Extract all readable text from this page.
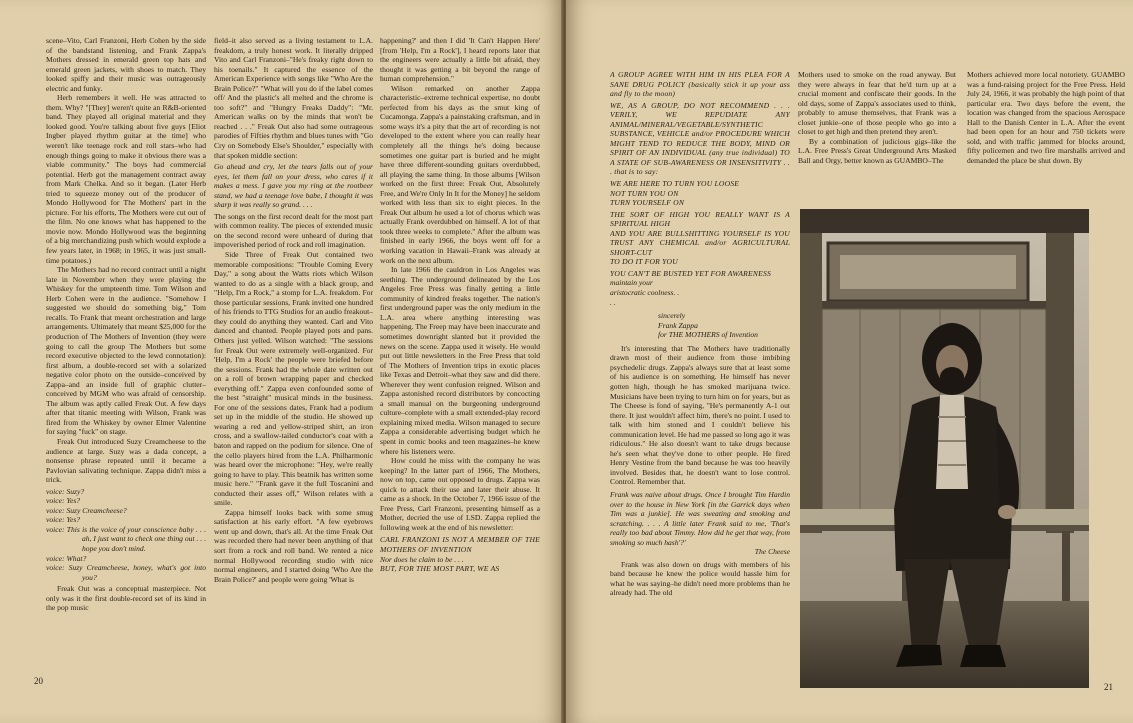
scene–Vito, Carl Franzoni, Herb Cohen by the side of the bandstand listening, and Frank Zappa's Mothers dressed in emerald green top hats and emerald green jackets, with shoes to match. They looked spiffy and their music was outrageously electric and funky.

Herb remembers it well. He was attracted to them. Why? "[They] weren't quite an R&B-oriented band. They played all original material and they looked good. You're talking about five guys [Eliot Ingber played rhythm guitar at the time] who weren't like teenage rock and roll stars–who had enough things going to make it obvious there was a viable community." The boys had commercial potential. Herb got the management contract away from Mark Chelka. And so it began. (Later Herb tried to squeeze money out of the producer of Mondo Hollywood for The Mothers' part in the picture. For his efforts, The Mothers were cut out of the film. No one knows what has happened to the movie now. Mondo Hollywood was the beginning of a big merchandizing push which would explode a few years later, in 1968; in 1965, it was just small-time potatoes.)

The Mothers had no record contract until a night late in November when they were playing the Whiskey for the umpteenth time. Tom Wilson and Herb Cohen were in the audience. "Somehow I suggested we should do something big," Tom recalls. To Frank that meant orchestration and large arrangements. Ultimately that meant $25,000 for the production of The Mothers of Invention (they were going to call the group The Mothers but some record executive objected to the lewd connotation): first album, a double-record set with a solarized negative color photo on the outside–conceived by Zappa–and an inside full of graphic clutter–conceived by MGM who was afraid of censorship. The album was aptly called Freak Out. A few days after that titanic meeting with Wilson, Frank was fired from the Whiskey by owner Elmer Valentine for saying "fuck" on stage.

Freak Out introduced Suzy Creamcheese to the audience at large. Suzy was a dada concept, a nonsense phrase repeated until it became a Pavlovian salivating technique. Zappa didn't miss a trick.

voice: Suzy?

voice: Yes?

voice: Suzy Creamcheese?

voice: Yes?

voice: This is the voice of your conscience baby . . . ah, I just want to check one thing out . . . hope you don't mind.

voice: What?

voice: Suzy Creamcheese, honey, what's got into you?

Freak Out was a conceptual masterpiece. Not only was it the first double-record set of its kind in the pop music

field–it also served as a living testament to L.A. freakdom, a truly honest work. It literally dripped Vito and Carl Franzoni–"He's freaky right down to his toenails." It captured the essence of the American Experience with songs like "Who Are the Brain Police?" "What will you do if the label comes off/ And the plastic's all melted and the chrome is too soft?" and "Hungry Freaks Daddy": "Mr. American walks on by the minds that won't be reached . . ." Freak Out also had some outrageous parodies of Fifties rhythm and blues tunes with "Go Cry on Somebody Else's Shoulder," especially with that spoken middle section:

Go ahead and cry, let the tears falls out of your eyes, let them fall on your dress, who cares if it makes a mess. I gave you my ring at the rootbeer stand, we had a teenage love babe, I thought it was sharp it was really so grand. . . .

The songs on the first record dealt for the most part with common reality. The pieces of extended music on the second record were unheard of during that impoverished period of rock and roll imagination.

Side Three of Freak Out contained two memorable compositions: "Trouble Coming Every Day," a song about the Watts riots which Wilson wanted to do as a single with a black group, and "Help, I'm a Rock," a stomp for L.A. freakdom. For those particular sessions, Frank invited one hundred of his friends to TTG Studios for an audio freakout–they could do anything they wanted. Carl and Vito danced and chanted. People played pots and pans. Others just yelled. Wilson watched: "The sessions for Freak Out were extremely well-organized. For 'Help, I'm a Rock' the people were briefed before the sessions. Frank had the whole date written out on a roll of brown wrapping paper and checked everything off." Zappa even confounded some of the best "straight" musical minds in the business. For one of the sessions dates, Frank had a podium set up in the middle of the studio. He showed up wearing a red and yellow-striped shirt, an iron cross, and a swallow-tailed conductor's coat with a baton and rapped on the podium for silence. One of the cello players hired from the L.A. Philharmonic was heard over the microphone: "Hey, we're really going to have to play. This beatnik has written some music here." "Frank gave it the full Toscanini and conducted their asses off," Wilson relates with a smile.

Zappa himself looks back with some smug satisfaction at his early effort. "A few eyebrows went up and down, that's all. At the time Freak Out was recorded there had never been anything of that sort from a rock and roll band. We rented a nice normal Hollywood recording studio with nice normal engineers, and I started doing 'Who Are the Brain Police?' and people were going 'What is

happening?' and then I did 'It Can't Happen Here' [from 'Help, I'm a Rock'], I heard reports later that the engineers were actually a little bit afraid, they thought it was getting a bit beyond the range of human comprehension."

Wilson remarked on another Zappa characteristic–extreme technical expertise, no doubt perfected from his days as the smut king of Cucamonga. Zappa's a painstaking craftsman, and in some ways it's a pity that the art of recording is not developed to the extent where you can really hear completely all the things he's doing because sometimes one guitar part is buried and he might have three different-sounding guitars overdubbed, all playing the same thing. In those albums [Wilson worked on the first three: Freak Out, Absolutely Free, and We're Only In It for the Money] he seldom worked with less than six to eight pieces. In the Freak Out album he used a lot of chorus which was actually Frank overdubbed on himself. A lot of that took three weeks to complete." After the album was finished in early 1966, the boys went off for a working vacation in Hawaii–Frank was already at work on the next album.

In late 1966 the cauldron in Los Angeles was seething. The underground delineated by the Los Angeles Free Press was finally getting a little community of kindred freaks together. The nation's first underground paper was the only medium in the L.A. area where anything interesting was happening. The Freep may have been inaccurate and sometimes downright slanted but it provided the news on the scene. Zappa used it wisely. He would put out little newsletters in the Free Press that told of The Mothers of Invention trips in exotic places like Texas and Detroit–what they saw and did there. Wherever they went confusion reigned. Wilson and Zappa astonished record distributors by concocting a small manual on the burgeoning underground culture–complete with a small extended-play record explaining mixed media. Wilson managed to secure Zappa a considerable advertising budget which he spent in comic books and teen magazines–he knew where his listeners were.

How could he miss with the company he was keeping? In the latter part of 1966, The Mothers, now on top, came out opposed to drugs. Zappa was quick to attack their use and later their abuse. It came as a shock. In the October 7, 1966 issue of the Free Press, Carl Franzoni, presenting himself as a Mother, decried the use of LSD. Zappa replied the following week at the end of his newsletter:

CARL FRANZONI IS NOT A MEMBER OF THE MOTHERS OF INVENTION

Nor does he claim to be . . .

BUT, FOR THE MOST PART, WE AS

20

A GROUP AGREE WITH HIM IN HIS PLEA FOR A SANE DRUG POLICY (basically stick it up your ass and fly to the moon)

WE, AS A GROUP, DO NOT RECOMMEND . . . VERILY, WE REPUDIATE ANY ANIMAL/MINERAL/VEGETABLE/SYNTHETIC SUBSTANCE, VEHICLE and/or PROCEDURE WHICH MIGHT TEND TO REDUCE THE BODY, MIND OR SPIRIT OF AN INDIVIDUAL (any true individual) TO A STATE OF SUB-AWARENESS OR INSENSITIVITY . . . that is to say:

WE ARE HERE TO TURN YOU LOOSE

NOT TURN YOU ON

TURN YOURSELF ON

THE SORT OF HIGH YOU REALLY WANT IS A SPIRITUAL HIGH

AND YOU ARE BULLSHITTING YOURSELF IS YOU TRUST ANY CHEMICAL and/or AGRICULTURAL SHORT-CUT

TO DO IT FOR YOU

YOU CAN'T BE BUSTED YET FOR AWARENESS

maintain your aristocratic coolness. . . .

sincerely

Frank Zappa

for THE MOTHERS of Invention

It's interesting that The Mothers have traditionally drawn most of their audience from those imbibing psychedelic drugs. Zappa's always sure that at least some of his audience is on something. He himself has never gotten high, though he has smoked marijuana twice. Musicians have been trying to turn him on for years, but as The Cheese is fond of saying, "He's permanently A-1 out there. It just wouldn't affect him, there's no point. I used to talk with him stoned and I couldn't believe his communication level. He had me passed so long ago it was ridiculous." He also doesn't want to take drugs because he's seen what they've done to other people. He fired Henry Vestine from the band because he was too heavily involved. Besides that, he doesn't want to lose control. Control. Remember that.

Frank was naive about drugs. Once I brought Tim Hardin over to the house in New York [in the Garrick days when Tim was a junkie]. He was sweating and smoking and scratching. . . . A little later Frank said to me, 'That's really too bad about Timmy. How did he get that way, from smoking so much hash'?'

The Cheese

Frank was also down on drugs with members of his band because he knew the police would hassle him for what he was saying–he didn't need more problems than he already had. The old

Mothers used to smoke on the road anyway. But they were always in fear that he'd turn up at a crucial moment and confiscate their goods. In the old days, some of Zappa's associates used to think, probably to amuse themselves, that Frank was a closet junkie–one of those people who go into a closet to get high and then pretend they aren't.

By a combination of judicious gigs–like the L.A. Free Press's Great Underground Arts Masked Ball and Orgy, better known as GUAMBO–The

Mothers achieved more local notoriety. GUAMBO was a fund-raising project for the Free Press. Held July 24, 1966, it was probably the high point of that particular era. Two days before the event, the location was changed from the spacious Aerospace Hall to the Danish Center in L.A. After the event had been open for an hour and 750 tickets were sold, and with traffic jammed for blocks around, fifty policemen and two fire marshalls arrived and demanded the place be shut down. By

21
